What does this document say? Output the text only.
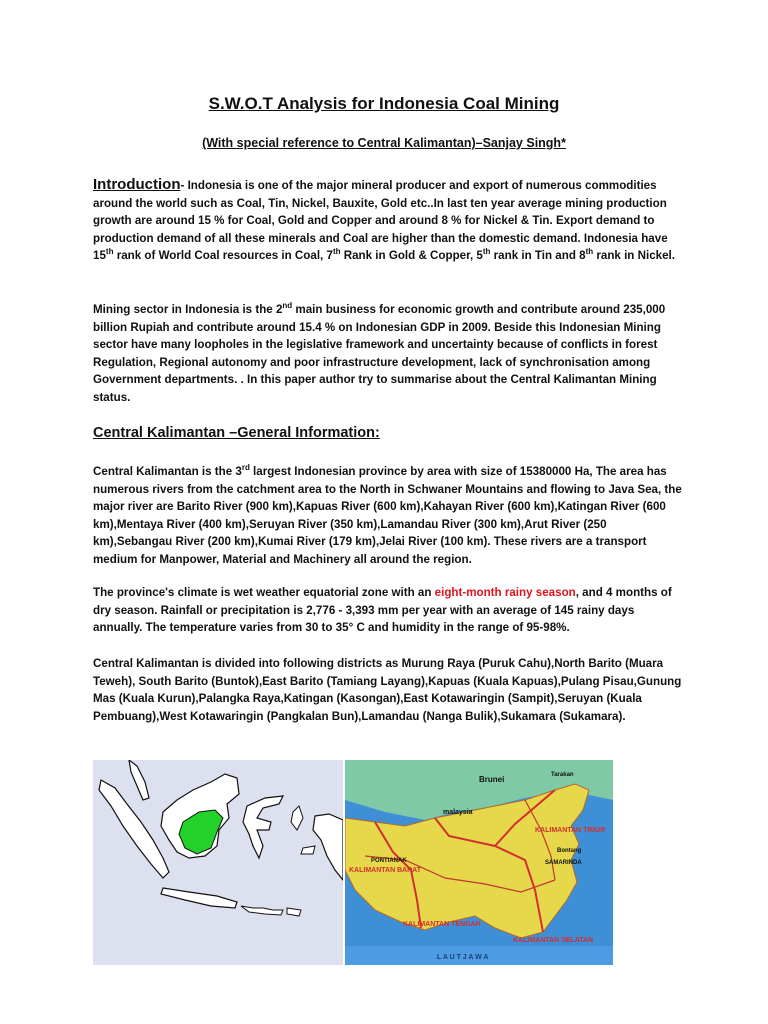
S.W.O.T Analysis for Indonesia Coal Mining
(With special reference to Central Kalimantan)–Sanjay Singh*

Introduction- Indonesia is one of the major mineral producer and export of numerous commodities around the world such as Coal, Tin, Nickel, Bauxite, Gold etc..In last ten year average mining production growth are around 15 % for Coal, Gold and Copper and around 8 % for Nickel & Tin. Export demand to production demand of all these minerals and Coal are higher than the domestic demand. Indonesia have 15th rank of World Coal resources in Coal, 7th Rank in Gold & Copper, 5th rank in Tin and 8th rank in Nickel.

Mining sector in Indonesia is the 2nd main business for economic growth and contribute around 235,000 billion Rupiah and contribute around 15.4 % on Indonesian GDP in 2009. Beside this Indonesian Mining sector have many loopholes in the legislative framework and uncertainty because of conflicts in forest Regulation, Regional autonomy and poor infrastructure development, lack of synchronisation among Government departments. . In this paper author try to summarise about the Central Kalimantan Mining status.

Central Kalimantan –General Information:

Central Kalimantan is the 3rd largest Indonesian province by area with size of 15380000 Ha, The area has numerous rivers from the catchment area to the North in Schwaner Mountains and flowing to Java Sea, the major river are Barito River (900 km),Kapuas River (600 km),Kahayan River (600 km),Katingan River (600 km),Mentaya River (400 km),Seruyan River (350 km),Lamandau River (300 km),Arut River (250 km),Sebangau River (200 km),Kumai River (179 km),Jelai River (100 km). These rivers are a transport medium for Manpower, Material and Machinery all around the region.

The province's climate is wet weather equatorial zone with an eight-month rainy season, and 4 months of dry season. Rainfall or precipitation is 2,776 - 3,393 mm per year with an average of 145 rainy days annually. The temperature varies from 30 to 35° C and humidity in the range of 95-98%.

Central Kalimantan is divided into following districts as Murung Raya (Puruk Cahu),North Barito (Muara Teweh), South Barito (Buntok),East Barito (Tamiang Layang),Kapuas (Kuala Kapuas),Pulang Pisau,Gunung Mas (Kuala Kurun),Palangka Raya,Katingan (Kasongan),East Kotawaringin (Sampit),Seruyan (Kuala Pembuang),West Kotawaringin (Pangkalan Bun),Lamandau (Nanga Bulik),Sukamara (Sukamara).

Brunei
malaysia
Tarakan
KALIMANTAN TIMUR
SAMARINDA
Bontang
PONTIANAK
KALIMANTAN BARAT
KALIMANTAN TENGAH
KALIMANTAN SELATAN
L A U T J A W A
